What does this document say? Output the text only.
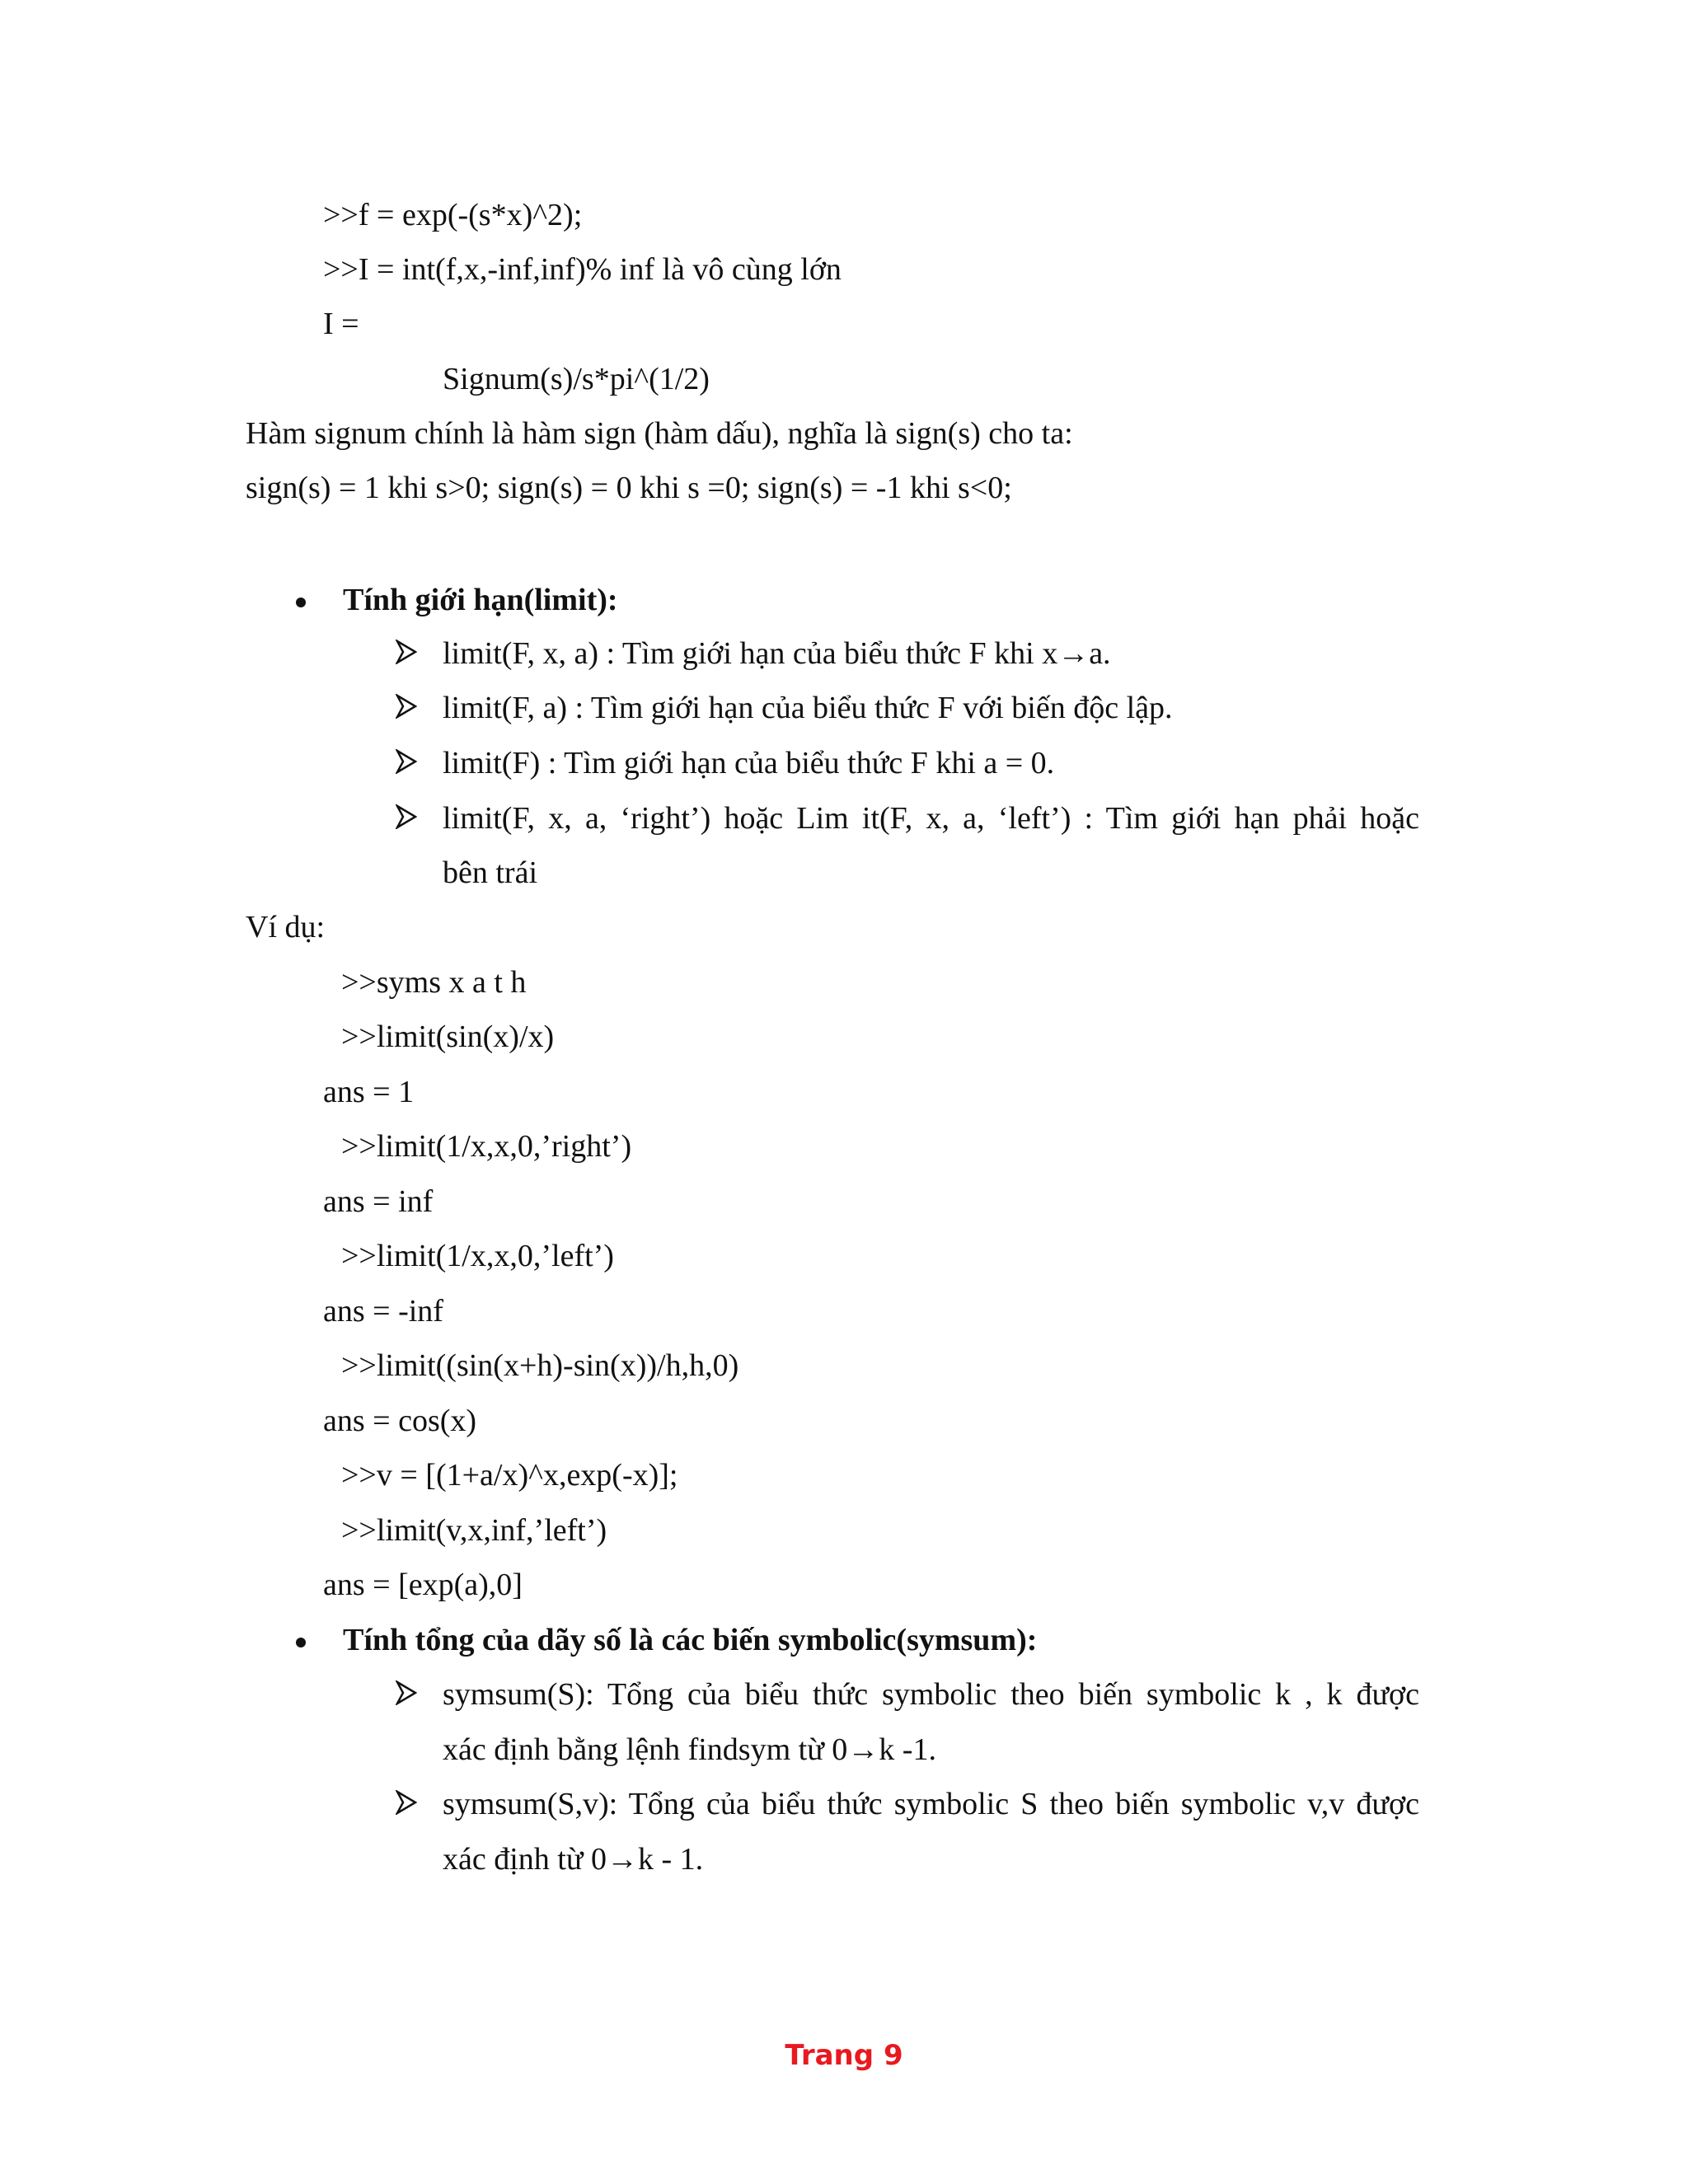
>>f = exp(-(s*x)^2);
>>I = int(f,x,-inf,inf)% inf là vô cùng lớn
I =
Signum(s)/s*pi^(1/2)
Hàm signum chính là hàm sign (hàm dấu), nghĩa là sign(s) cho ta:
sign(s) = 1 khi s>0; sign(s) = 0 khi s =0; sign(s) = -1 khi s<0;
Tính giới hạn(limit):
limit(F, x, a) : Tìm giới hạn của biểu thức F khi x→a.
limit(F, a) : Tìm giới hạn của biểu thức F với biến độc lập.
limit(F) : Tìm giới hạn của biểu thức F khi a = 0.
limit(F, x, a, ‘right’) hoặc Lim it(F, x, a, ‘left’) : Tìm giới hạn phải hoặc
bên trái
Ví dụ:
>>syms x a t h
>>limit(sin(x)/x)
ans = 1
>>limit(1/x,x,0,’right’)
ans = inf
>>limit(1/x,x,0,’left’)
ans = -inf
>>limit((sin(x+h)-sin(x))/h,h,0)
ans = cos(x)
>>v = [(1+a/x)^x,exp(-x)];
>>limit(v,x,inf,’left’)
ans = [exp(a),0]
Tính tổng của dãy số là các biến symbolic(symsum):
symsum(S): Tổng của biểu thức symbolic theo biến symbolic k , k được
xác định bằng lệnh findsym từ 0→k -1.
symsum(S,v): Tổng của biểu thức symbolic S theo biến symbolic v,v được
xác định từ 0→k - 1.
Trang 9
